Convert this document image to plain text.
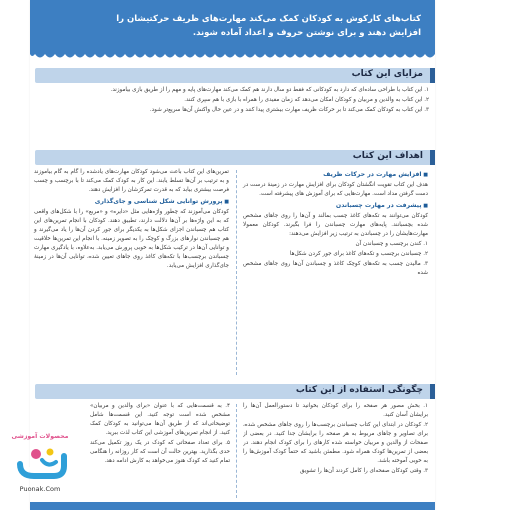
کتاب‌های کارکوش به کودکان کمک می‌کند مهارت‌های ظریف حرکتیشان را

افزایش دهند و برای نوشتن حروف و اعداد آماده شوند.

مزایای این کتاب

۱. این کتاب با طراحی ساده‌ای که دارد به کودکانی که فقط دو سال دارند هم کمک می‌کند مهارت‌های پایه و مهم را از طریق بازی بیاموزند.

۲. این کتاب به والدین و مربیان و کودکان امکان می‌دهد که زمان مفیدی را همراه با بازی با هم سپری کنند.

۳. این کتاب به کودکان کمک می‌کند تا بر حرکات ظریف مهارت بیشتری پیدا کنند و در عین حال واکنش آن‌ها سریع‌تر شود.

اهداف این کتاب
■ افزایش مهارت در حرکات ظریف

هدف این کتاب تقویت انگشتان کودکان برای افزایش مهارت در زمینهٔ درست در دست گرفتن مداد است. مهارت‌هایی که برای آموزش های پیشرفته است.

■ پیشرفت در مهارت چسباندن

کودکان می‌توانند به تکه‌های کاغذ چسب بمالند و آن‌ها را روی جاهای مشخص شده بچسبانند. پایه‌های مهارت چسباندن را فرا بگیرند. کودکان معمولا مهارت‌هایشان را در چسباندن به ترتیب زیر افزایش می‌دهند:

۱. کندن برچسب و چسباندن آن

۲. چسباندن برچسب و تکه‌های کاغذ برای جور کردن شکل‌ها

۳. مالیدن چسب به تکه‌های کوچک کاغذ و چسباندن آن‌ها روی جاهای مشخص شده

تمرین‌های این کتاب باعث می‌شود کودکان مهارت‌های یادشده را گام به گام بیاموزند و به ترتیب بر آن‌ها تسلط یابند. این کار به کودک کمک می‌کند تا با برچسب و چسب فرصت بیشتری بیابد که به قدرت تمرکزشان را افزایش دهند.

■ پرورش توانایی شکل شناسی و جای‌گذاری

کودکان می‌آموزند که چطور واژه‌هایی مثل «دایره» و «مربع» را با شکل‌های واقعی که به این واژه‌ها بر آن‌ها دلالت دارند، تطبیق دهند. کودکان با انجام تمرین‌های این کتاب هم چسباندن اجزای شکل‌ها به یکدیگر برای جور کردن آن‌ها را یاد می‌گیرند و هم چسباندن نوارهای بزرگ و کوچک را به تصویر زمینه. با انجام این تمرین‌ها خلاقیت و توانایی آن‌ها در ترکیب شکل‌ها به خوبی پرورش می‌یابد. به‌علاوه، با یادگیری مهارت چسباندن برچسب‌ها با تکه‌های کاغذ روی جاهای تعیین شده، توانایی آن‌ها در زمینهٔ جای‌گذاری افزایش می‌یابد.

چگونگی استفاده از این کتاب

۱. بخش مصور هر صفحه را برای کودکان بخوانید تا دستورالعمل آن‌ها را برایشان آسان کنید.

۲. کودکان در ابتدای این کتاب چسباندن برچسب‌ها را روی جاهای مشخص شده، برای تصاویر و جاهای مربوط به هر صفحه را برایشان جدا کنید. در بعضی از صفحات از والدین و مربیان خواسته شده کارهای را برای کودک انجام دهند. در بعضی از تمرین‌ها کودک همراه شود. مطمئن باشید که حتماً کودک آموزش‌ها را به خوبی آموخته باشد.

۳. وقتی کودکان صفحه‌ای را کامل کردند آن‌ها را تشویق

۴. به قسمت‌هایی که با عنوان «برای والدین و مربیان» مشخص شده است توجه کنید. این قسمت‌ها شامل توضیحاتی‌اند که از طریق آن‌ها می‌توانید به کودکان کمک کنید. از انجام تمرین‌های آموزشی این کتاب لذت ببرید.

۵. برای تعداد صفحاتی که کودک در یک روز تکمیل می‌کند حدی بگذارید. بهترین حالت آن است که کار روزانه را هنگامی تمام کنید که کودک هنوز می‌خواهد به کارش ادامه دهد.

محصولات آموزشی
Puonak.Com
